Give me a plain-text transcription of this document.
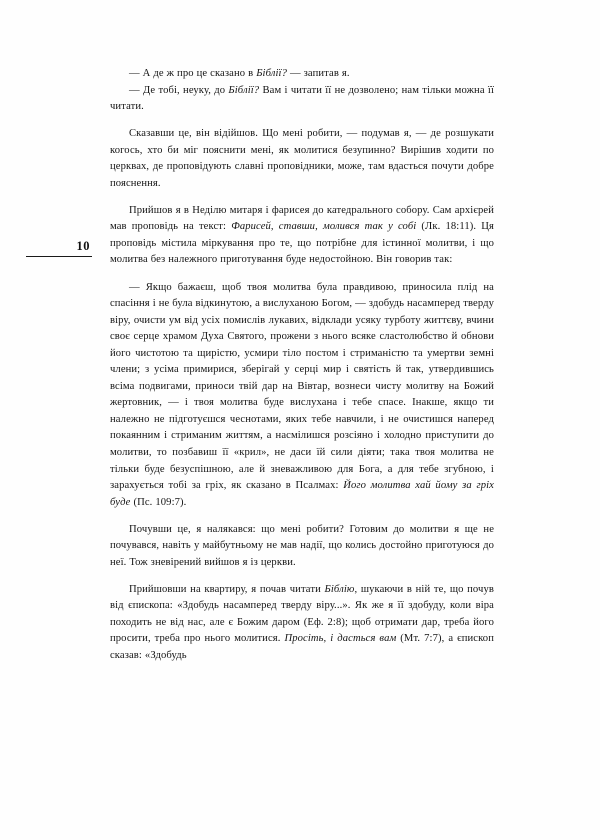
10

— А де ж про це сказано в Біблії? — запитав я.

— Де тобі, неуку, до Біблії? Вам і читати її не дозволено; нам тільки можна її читати.

Сказавши це, він відійшов. Що мені робити, — подумав я, — де розшукати когось, хто би міг пояснити мені, як молитися безупинно? Вирішив ходити по церквах, де проповідують славні проповідники, може, там вдасться почути добре пояснення.

Прийшов я в Неділю митаря і фарисея до катедрального собору. Сам архієрей мав проповідь на текст: Фарисей, ставши, молився так у собі (Лк. 18:11). Ця проповідь містила міркування про те, що потрібне для істинної молитви, і що молитва без належного приготування буде недостойною. Він говорив так:

— Якщо бажаєш, щоб твоя молитва була правдивою, приносила плід на спасіння і не була відкинутою, а вислуханою Богом, — здобудь насамперед тверду віру, очисти ум від усіх помислів лукавих, відклади усяку турботу життєву, вчини своє серце храмом Духа Святого, прожени з нього всяке сластолюбство й обнови його чистотою та щирістю, усмири тіло постом і стриманістю та умертви земні члени; з усіма примирися, зберігай у серці мир і святість й так, утвердившись всіма подвигами, приноси твій дар на Вівтар, вознеси чисту молитву на Божий жертовник, — і твоя молитва буде вислухана і тебе спасе. Інакше, якщо ти належно не підготуєшся чеснотами, яких тебе навчили, і не очистишся наперед покаянним і стриманим життям, а насмілишся розсіяно і холодно приступити до молитви, то позбавиш її «крил», не даси їй сили діяти; така твоя молитва не тільки буде безуспішною, але й зневажливою для Бога, а для тебе згубною, і зарахується тобі за гріх, як сказано в Псалмах: Його молитва хай йому за гріх буде (Пс. 109:7).

Почувши це, я налякався: що мені робити? Готовим до молитви я ще не почувався, навіть у майбутньому не мав надії, що колись достойно приготуюся до неї. Тож зневірений вийшов я із церкви.

Прийшовши на квартиру, я почав читати Біблію, шукаючи в ній те, що почув від єпископа: «Здобудь насамперед тверду віру...». Як же я її здобуду, коли віра походить не від нас, але є Божим даром (Еф. 2:8); щоб отримати дар, треба його просити, треба про нього молитися. Просіть, і дасться вам (Мт. 7:7), а єпископ сказав: «Здобудь
